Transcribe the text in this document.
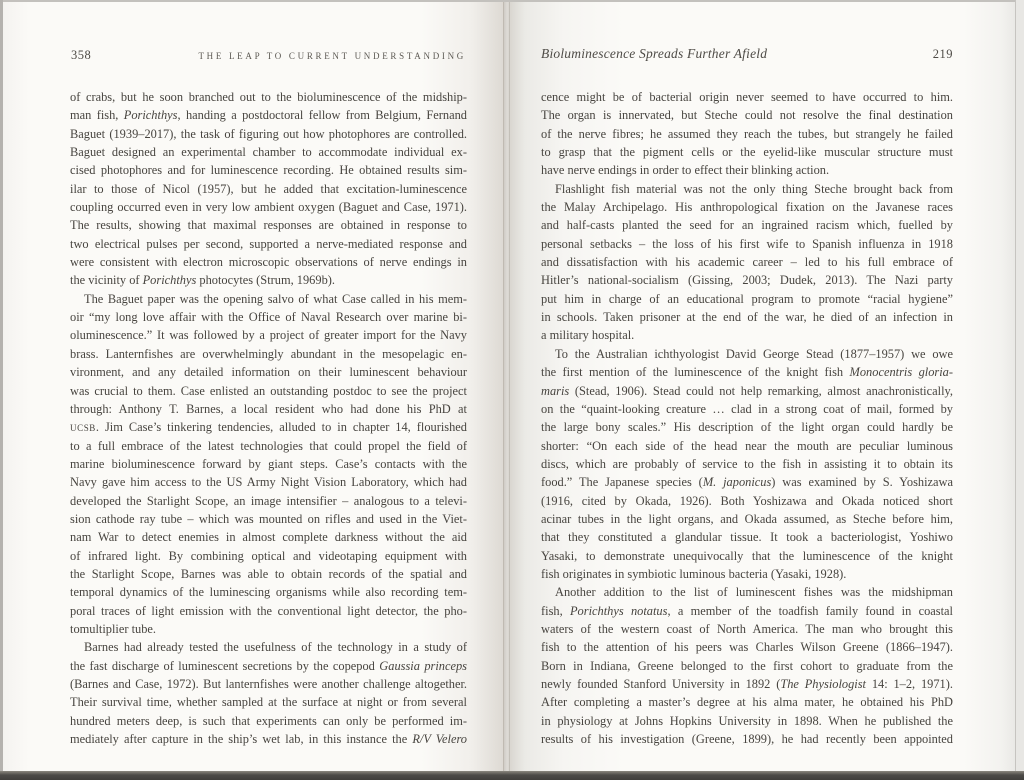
358	THE LEAP TO CURRENT UNDERSTANDING	Bioluminescence Spreads Further Afield	219
of crabs, but he soon branched out to the bioluminescence of the midship-
man fish, Porichthys, handing a postdoctoral fellow from Belgium, Fernand
Baguet (1939–2017), the task of figuring out how photophores are controlled.
Baguet designed an experimental chamber to accommodate individual ex-
cised photophores and for luminescence recording. He obtained results sim-
ilar to those of Nicol (1957), but he added that excitation-luminescence
coupling occurred even in very low ambient oxygen (Baguet and Case, 1971).
The results, showing that maximal responses are obtained in response to
two electrical pulses per second, supported a nerve-mediated response and
were consistent with electron microscopic observations of nerve endings in
the vicinity of Porichthys photocytes (Strum, 1969b).
The Baguet paper was the opening salvo of what Case called in his mem-
oir “my long love affair with the Office of Naval Research over marine bi-
oluminescence.” It was followed by a project of greater import for the Navy
brass. Lanternfishes are overwhelmingly abundant in the mesopelagic en-
vironment, and any detailed information on their luminescent behaviour
was crucial to them. Case enlisted an outstanding postdoc to see the project
through: Anthony T. Barnes, a local resident who had done his PhD at
ucsb. Jim Case’s tinkering tendencies, alluded to in chapter 14, flourished
to a full embrace of the latest technologies that could propel the field of
marine bioluminescence forward by giant steps. Case’s contacts with the
Navy gave him access to the US Army Night Vision Laboratory, which had
developed the Starlight Scope, an image intensifier – analogous to a televi-
sion cathode ray tube – which was mounted on rifles and used in the Viet-
nam War to detect enemies in almost complete darkness without the aid
of infrared light. By combining optical and videotaping equipment with
the Starlight Scope, Barnes was able to obtain records of the spatial and
temporal dynamics of the luminescing organisms while also recording tem-
poral traces of light emission with the conventional light detector, the pho-
tomultiplier tube.
Barnes had already tested the usefulness of the technology in a study of
the fast discharge of luminescent secretions by the copepod Gaussia princeps
(Barnes and Case, 1972). But lanternfishes were another challenge altogether.
Their survival time, whether sampled at the surface at night or from several
hundred meters deep, is such that experiments can only be performed im-
mediately after capture in the ship’s wet lab, in this instance the R/V Velero
cence might be of bacterial origin never seemed to have occurred to him.
The organ is innervated, but Steche could not resolve the final destination
of the nerve fibres; he assumed they reach the tubes, but strangely he failed
to grasp that the pigment cells or the eyelid-like muscular structure must
have nerve endings in order to effect their blinking action.
Flashlight fish material was not the only thing Steche brought back from
the Malay Archipelago. His anthropological fixation on the Javanese races
and half-casts planted the seed for an ingrained racism which, fuelled by
personal setbacks – the loss of his first wife to Spanish influenza in 1918
and dissatisfaction with his academic career – led to his full embrace of
Hitler’s national-socialism (Gissing, 2003; Dudek, 2013). The Nazi party
put him in charge of an educational program to promote “racial hygiene”
in schools. Taken prisoner at the end of the war, he died of an infection in
a military hospital.
To the Australian ichthyologist David George Stead (1877–1957) we owe
the first mention of the luminescence of the knight fish Monocentris gloria-
maris (Stead, 1906). Stead could not help remarking, almost anachronistically,
on the “quaint-looking creature … clad in a strong coat of mail, formed by
the large bony scales.” His description of the light organ could hardly be
shorter: “On each side of the head near the mouth are peculiar luminous
discs, which are probably of service to the fish in assisting it to obtain its
food.” The Japanese species (M. japonicus) was examined by S. Yoshizawa
(1916, cited by Okada, 1926). Both Yoshizawa and Okada noticed short
acinar tubes in the light organs, and Okada assumed, as Steche before him,
that they constituted a glandular tissue. It took a bacteriologist, Yoshiwo
Yasaki, to demonstrate unequivocally that the luminescence of the knight
fish originates in symbiotic luminous bacteria (Yasaki, 1928).
Another addition to the list of luminescent fishes was the midshipman
fish, Porichthys notatus, a member of the toadfish family found in coastal
waters of the western coast of North America. The man who brought this
fish to the attention of his peers was Charles Wilson Greene (1866–1947).
Born in Indiana, Greene belonged to the first cohort to graduate from the
newly founded Stanford University in 1892 (The Physiologist 14: 1–2, 1971).
After completing a master’s degree at his alma mater, he obtained his PhD
in physiology at Johns Hopkins University in 1898. When he published the
results of his investigation (Greene, 1899), he had recently been appointed
